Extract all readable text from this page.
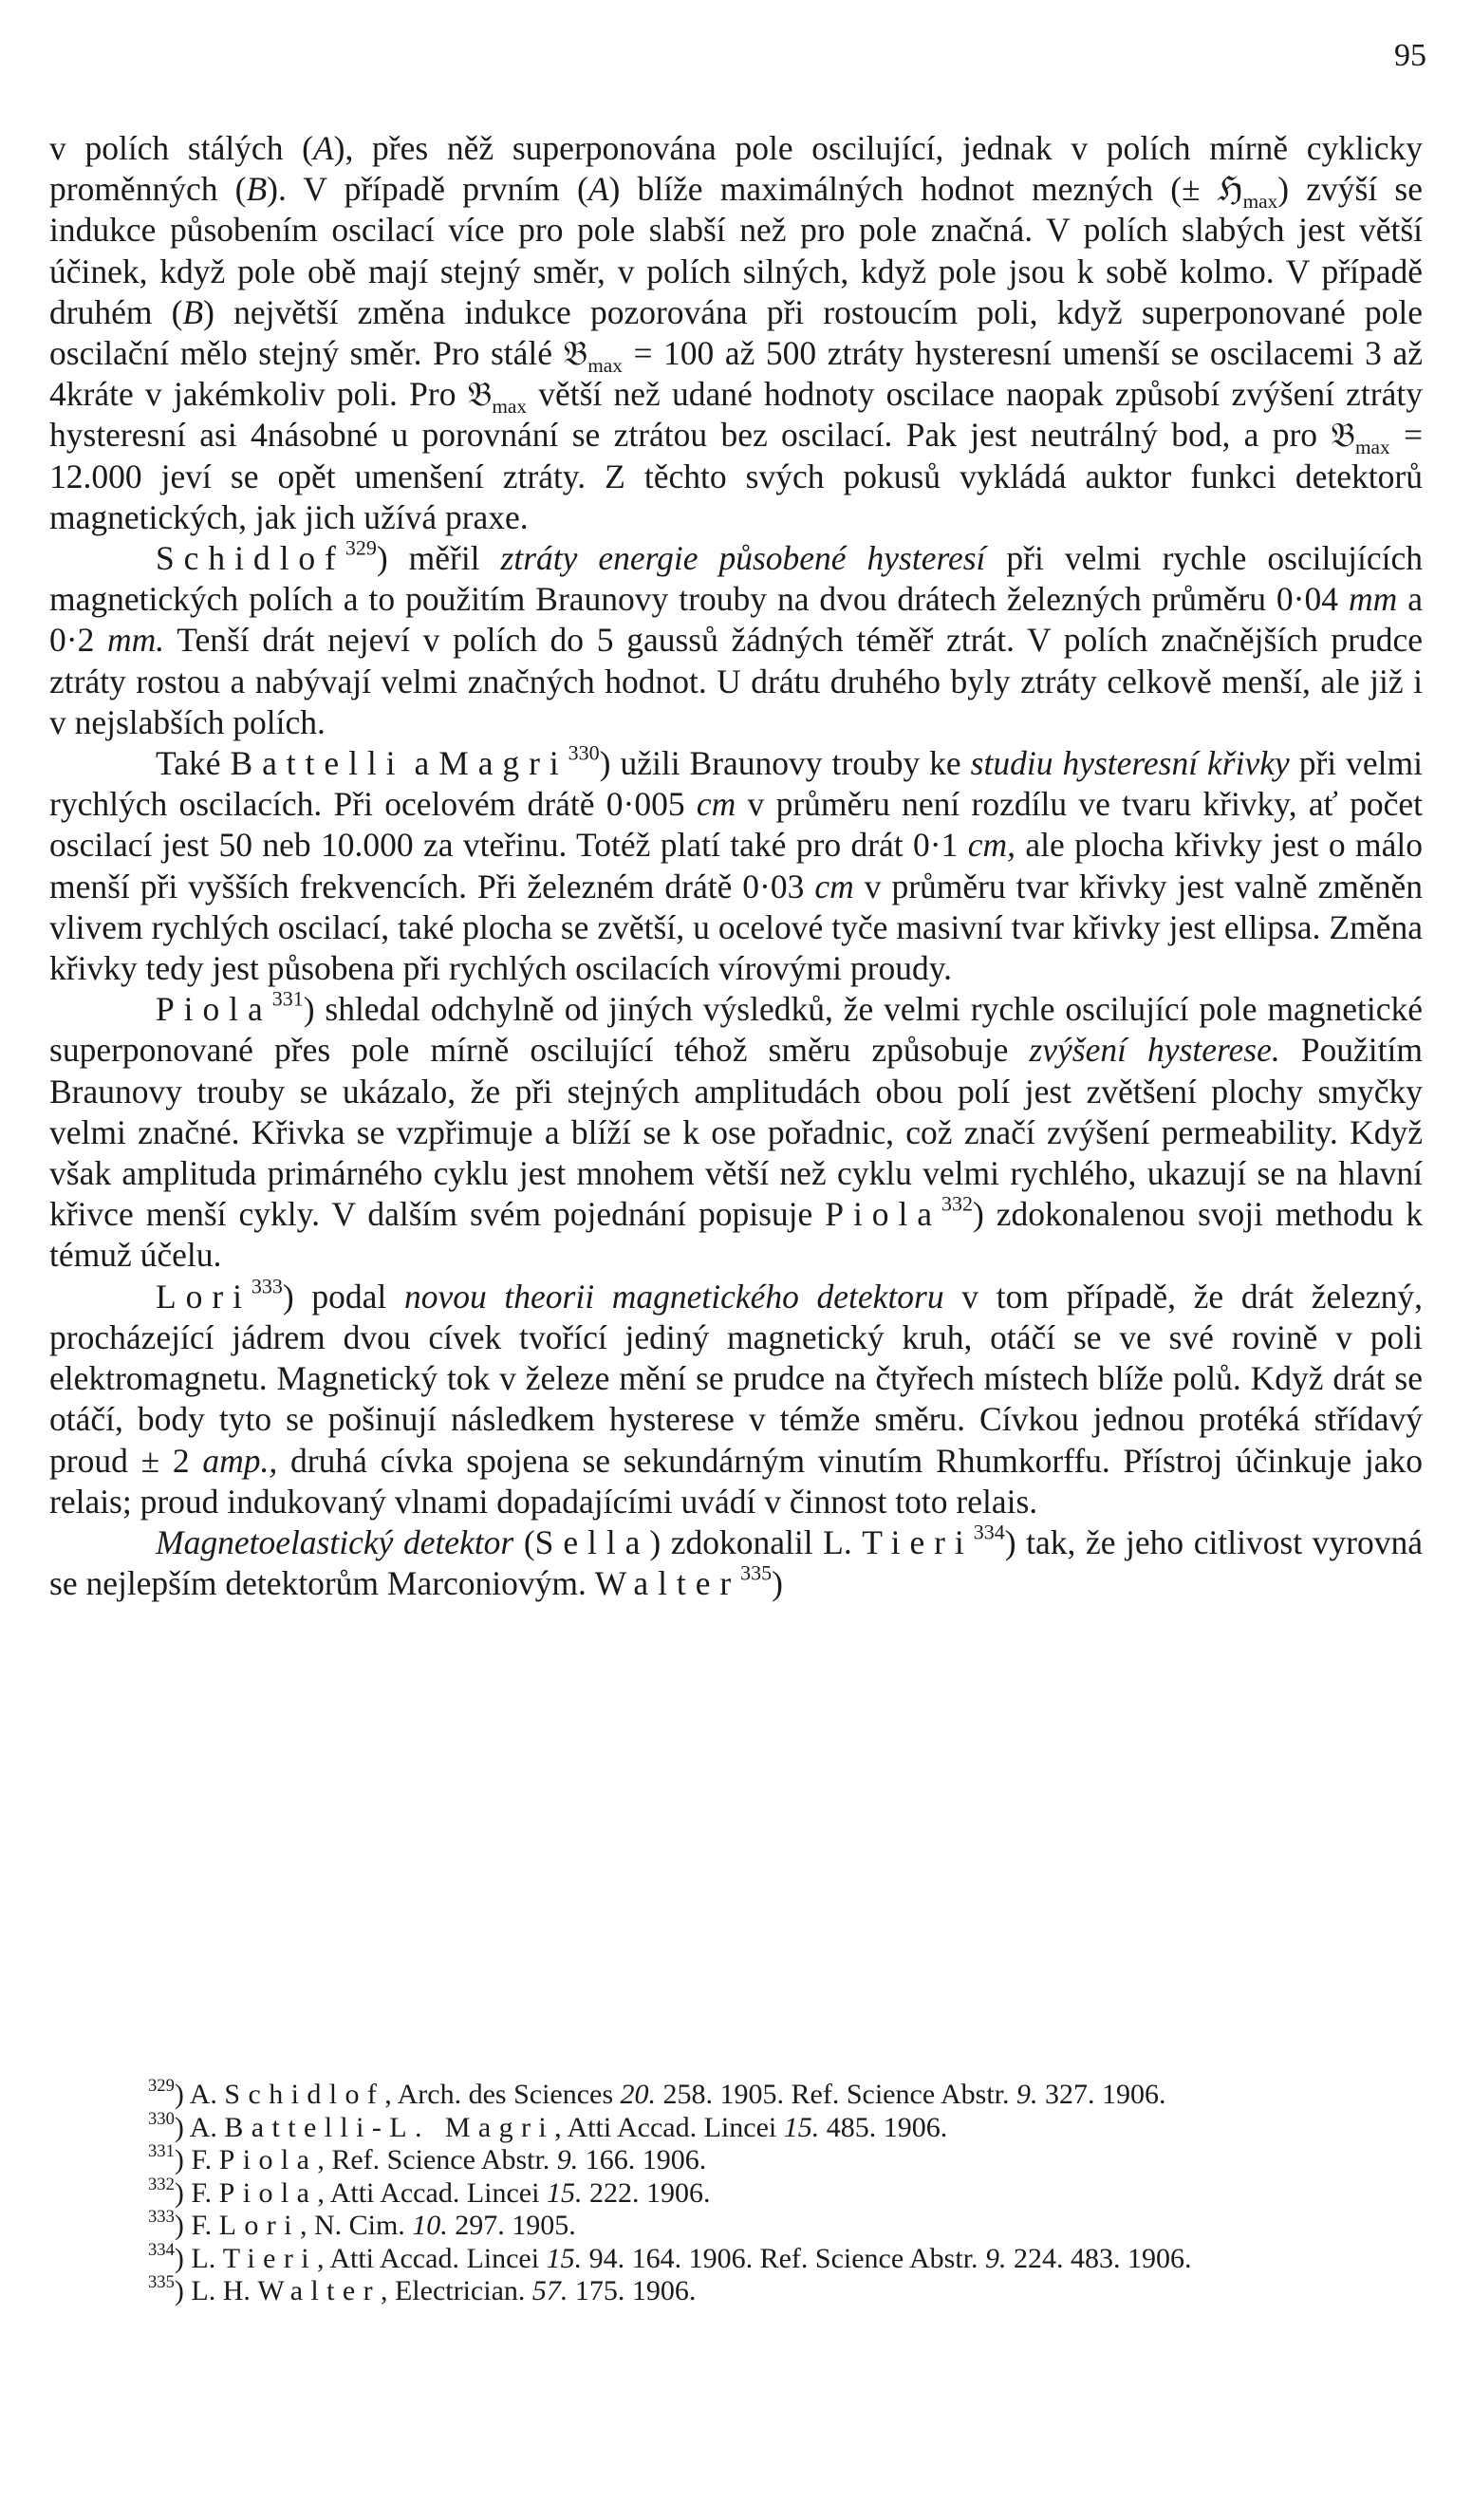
95

v polích stálých (A), přes něž superponována pole oscilující, jednak v polích mírně cyklicky proměnných (B). V případě prvním (A) blíže maximálných hodnot mezných (± ℌ$_{max}$) zvýší se indukce působením oscilací více pro pole slabší než pro pole značná. V polích slabých jest větší účinek, když pole obě mají stejný směr, v polích silných, když pole jsou k sobě kolmo. V případě druhém (B) největší změna indukce pozorována při rostoucím poli, když superponované pole oscilační mělo stejný směr. Pro stálé 𝔅$_{max}$ = 100 až 500 ztráty hysteresní umenší se oscilacemi 3 až 4kráte v jakémkoliv poli. Pro 𝔅$_{max}$ větší než udané hodnoty oscilace naopak způsobí zvýšení ztráty hysteresní asi 4násobné u porovnání se ztrátou bez oscilací. Pak jest neutrálný bod, a pro 𝔅$_{max}$ = 12.000 jeví se opět umenšení ztráty. Z těchto svých pokusů vykládá auktor funkci detektorů magnetických, jak jich užívá praxe.

Schidlof$^{329}$) měřil ztráty energie působené hysteresí při velmi rychle oscilujících magnetických polích a to použitím Braunovy trouby na dvou drátech železných průměru 0·04 mm a 0·2 mm. Tenší drát nejeví v polích do 5 gaussů žádných téměř ztrát. V polích značnějších prudce ztráty rostou a nabývají velmi značných hodnot. U drátu druhého byly ztráty celkově menší, ale již i v nejslabších polích.

Také Battelli a Magri$^{330}$) užili Braunovy trouby ke studiu hysteresní křivky při velmi rychlých oscilacích. Při ocelovém drátě 0·005 cm v průměru není rozdílu ve tvaru křivky, ať počet oscilací jest 50 neb 10.000 za vteřinu. Totéž platí také pro drát 0·1 cm, ale plocha křivky jest o málo menší při vyšších frekvencích. Při železném drátě 0·03 cm v průměru tvar křivky jest valně změněn vlivem rychlých oscilací, také plocha se zvětší, u ocelové tyče masivní tvar křivky jest ellipsa. Změna křivky tedy jest působena při rychlých oscilacích vírovými proudy.

Piola$^{331}$) shledal odchylně od jiných výsledků, že velmi rychle oscilující pole magnetické superponované přes pole mírně oscilující téhož směru způsobuje zvýšení hysterese. Použitím Braunovy trouby se ukázalo, že při stejných amplitudách obou polí jest zvětšení plochy smyčky velmi značné. Křivka se vzpřimuje a blíží se k ose pořadnic, což značí zvýšení permeability. Když však amplituda primárného cyklu jest mnohem větší než cyklu velmi rychlého, ukazují se na hlavní křivce menší cykly. V dalším svém pojednání popisuje Piola$^{332}$) zdokonalenou svoji methodu k témuž účelu.

Lori$^{333}$) podal novou theorii magnetického detektoru v tom případě, že drát železný, procházející jádrem dvou cívek tvořící jediný magnetický kruh, otáčí se ve své rovině v poli elektromagnetu. Magnetický tok v železe mění se prudce na čtyřech místech blíže polů. Když drát se otáčí, body tyto se pošinují následkem hysterese v témže směru. Cívkou jednou protéká střídavý proud ± 2 amp., druhá cívka spojena se sekundárným vinutím Rhumkorffu. Přístroj účinkuje jako relais; proud indukovaný vlnami dopadajícími uvádí v činnost toto relais.

Magnetoelastický detektor (Sella) zdokonalil L. Tieri$^{334}$) tak, že jeho citlivost vyrovná se nejlepším detektorům Marconiovým. Walter$^{335}$)

$^{329}$) A. Schidlof, Arch. des Sciences 20. 258. 1905. Ref. Science Abstr. 9. 327. 1906.

$^{330}$) A. Battelli-L. Magri, Atti Accad. Lincei 15. 485. 1906.

$^{331}$) F. Piola, Ref. Science Abstr. 9. 166. 1906.

$^{332}$) F. Piola, Atti Accad. Lincei 15. 222. 1906.

$^{333}$) F. Lori, N. Cim. 10. 297. 1905.

$^{334}$) L. Tieri, Atti Accad. Lincei 15. 94. 164. 1906. Ref. Science Abstr. 9. 224. 483. 1906.

$^{335}$) L. H. Walter, Electrician. 57. 175. 1906.
